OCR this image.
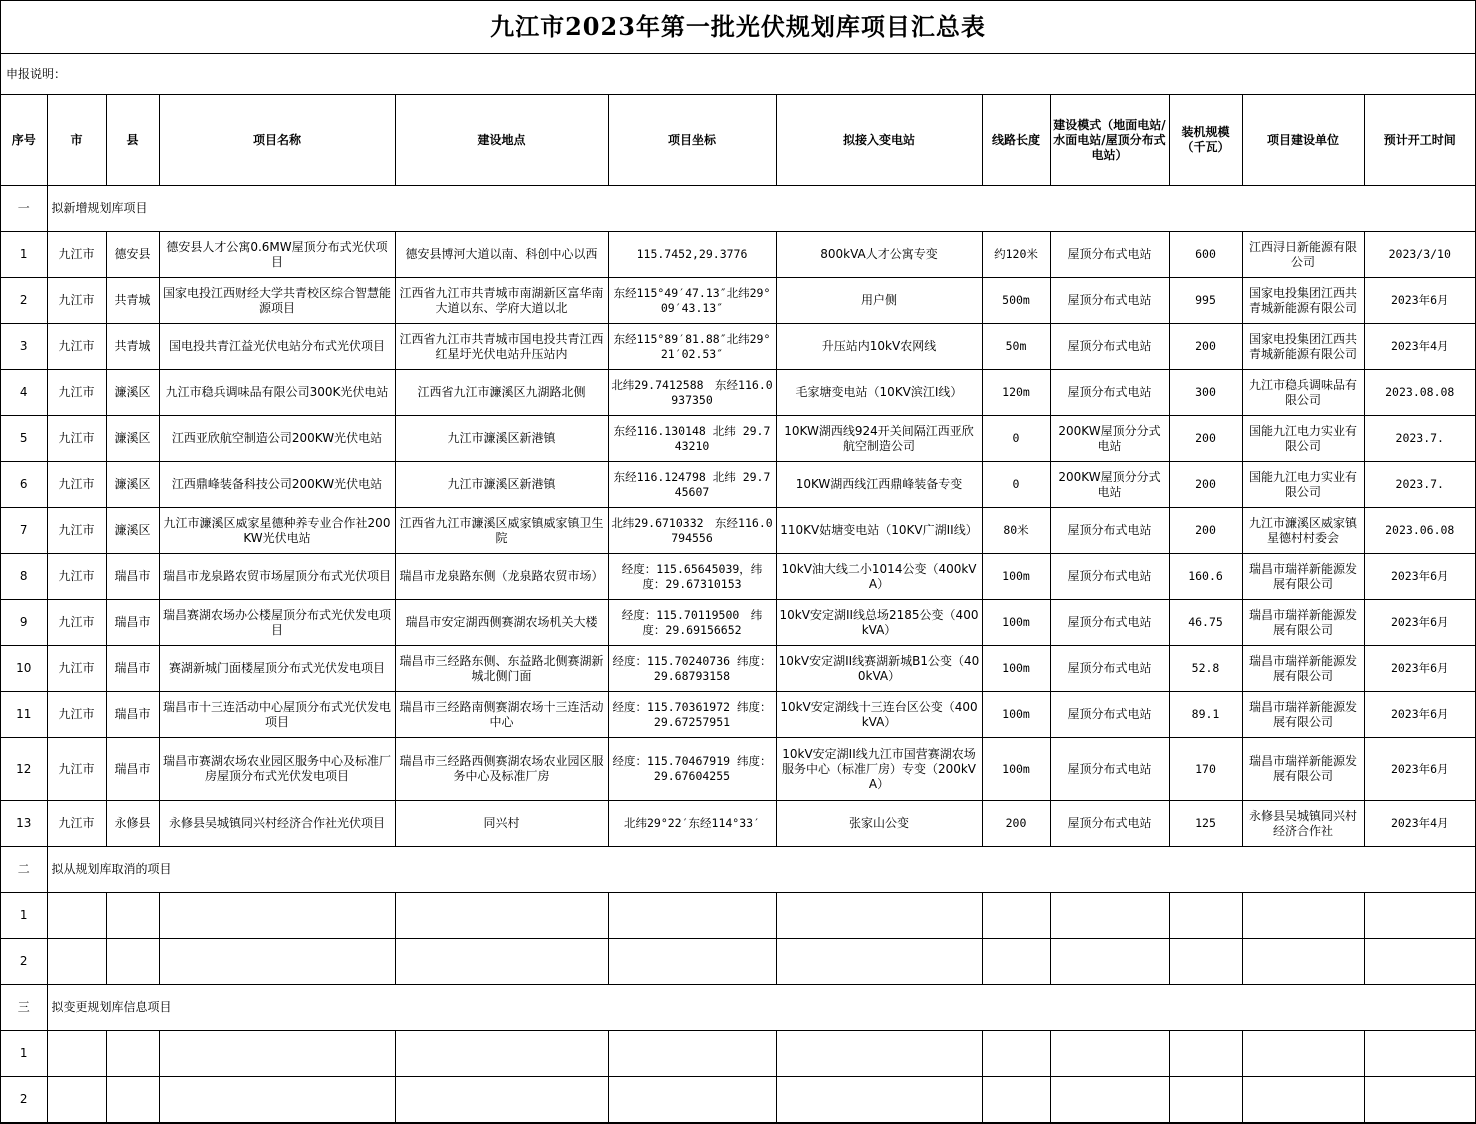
九江市2023年第一批光伏规划库项目汇总表
申报说明：
序号	市	县	项目名称	建设地点	项目坐标	拟接入变电站	线路长度	建设模式（地面电站/水面电站/屋顶分布式电站）	装机规模（千瓦）	项目建设单位	预计开工时间
一	拟新增规划库项目										
1	九江市	德安县	德安县人才公寓0.6MW屋顶分布式光伏项目	德安县博河大道以南、科创中心以西	115.7452,29.3776	800kVA人才公寓专变	约120米	屋顶分布式电站	600	江西浔日新能源有限公司	2023/3/10
2	九江市	共青城	国家电投江西财经大学共青校区综合智慧能源项目	江西省九江市共青城市南湖新区富华南大道以东、学府大道以北	东经115°49′47.13″北纬29°09′43.13″	用户侧	500m	屋顶分布式电站	995	国家电投集团江西共青城新能源有限公司	2023年6月
3	九江市	共青城	国电投共青江益光伏电站分布式光伏项目	江西省九江市共青城市国电投共青江西红星圩光伏电站升压站内	东经115°89′81.88″北纬29°21′02.53″	升压站内10kV农网线	50m	屋顶分布式电站	200	国家电投集团江西共青城新能源有限公司	2023年4月
4	九江市	濂溪区	九江市稳兵调味品有限公司300K光伏电站	江西省九江市濂溪区九湖路北侧	北纬29.7412588　东经116.0937350	毛家塘变电站（10KV滨江I线）	120m	屋顶分布式电站	300	九江市稳兵调味品有限公司	2023.08.08
5	九江市	濂溪区	江西亚欣航空制造公司200KW光伏电站	九江市濂溪区新港镇	东经116.130148 北纬 29.743210	10KW湖西线924开关间隔江西亚欣航空制造公司	0	200KW屋顶分分式电站	200	国能九江电力实业有限公司	2023.7.
6	九江市	濂溪区	江西鼎峰装备科技公司200KW光伏电站	九江市濂溪区新港镇	东经116.124798 北纬 29.745607	10KW湖西线江西鼎峰装备专变	0	200KW屋顶分分式电站	200	国能九江电力实业有限公司	2023.7.
7	九江市	濂溪区	九江市濂溪区威家星德种养专业合作社200KW光伏电站	江西省九江市濂溪区威家镇威家镇卫生院	北纬29.6710332　东经116.0794556	110KV姑塘变电站（10KV广湖II线）	80米	屋顶分布式电站	200	九江市濂溪区威家镇星德村村委会	2023.06.08
8	九江市	瑞昌市	瑞昌市龙泉路农贸市场屋顶分布式光伏项目	瑞昌市龙泉路东侧（龙泉路农贸市场）	经度：115.65645039，纬度：29.67310153	10kV油大线二小1014公变（400kVA）	100m	屋顶分布式电站	160.6	瑞昌市瑞祥新能源发展有限公司	2023年6月
9	九江市	瑞昌市	瑞昌赛湖农场办公楼屋顶分布式光伏发电项目	瑞昌市安定湖西侧赛湖农场机关大楼	经度：115.70119500　纬度：29.69156652	10kV安定湖II线总场2185公变（400kVA）	100m	屋顶分布式电站	46.75	瑞昌市瑞祥新能源发展有限公司	2023年6月
10	九江市	瑞昌市	赛湖新城门面楼屋顶分布式光伏发电项目	瑞昌市三经路东侧、东益路北侧赛湖新城北侧门面	经度：115.70240736 纬度：29.68793158	10kV安定湖II线赛湖新城B1公变（400kVA）	100m	屋顶分布式电站	52.8	瑞昌市瑞祥新能源发展有限公司	2023年6月
11	九江市	瑞昌市	瑞昌市十三连活动中心屋顶分布式光伏发电项目	瑞昌市三经路南侧赛湖农场十三连活动中心	经度：115.70361972 纬度：29.67257951	10kV安定湖线十三连台区公变（400kVA）	100m	屋顶分布式电站	89.1	瑞昌市瑞祥新能源发展有限公司	2023年6月
12	九江市	瑞昌市	瑞昌市赛湖农场农业园区服务中心及标准厂房屋顶分布式光伏发电项目	瑞昌市三经路西侧赛湖农场农业园区服务中心及标准厂房	经度：115.70467919 纬度：29.67604255	10kV安定湖II线九江市国营赛湖农场服务中心（标准厂房）专变（200kVA）	100m	屋顶分布式电站	170	瑞昌市瑞祥新能源发展有限公司	2023年6月
13	九江市	永修县	永修县吴城镇同兴村经济合作社光伏项目	同兴村	北纬29°22′东经114°33′	张家山公变	200	屋顶分布式电站	125	永修县吴城镇同兴村经济合作社	2023年4月
二	拟从规划库取消的项目										
1											
2											
三	拟变更规划库信息项目										
1											
2											
